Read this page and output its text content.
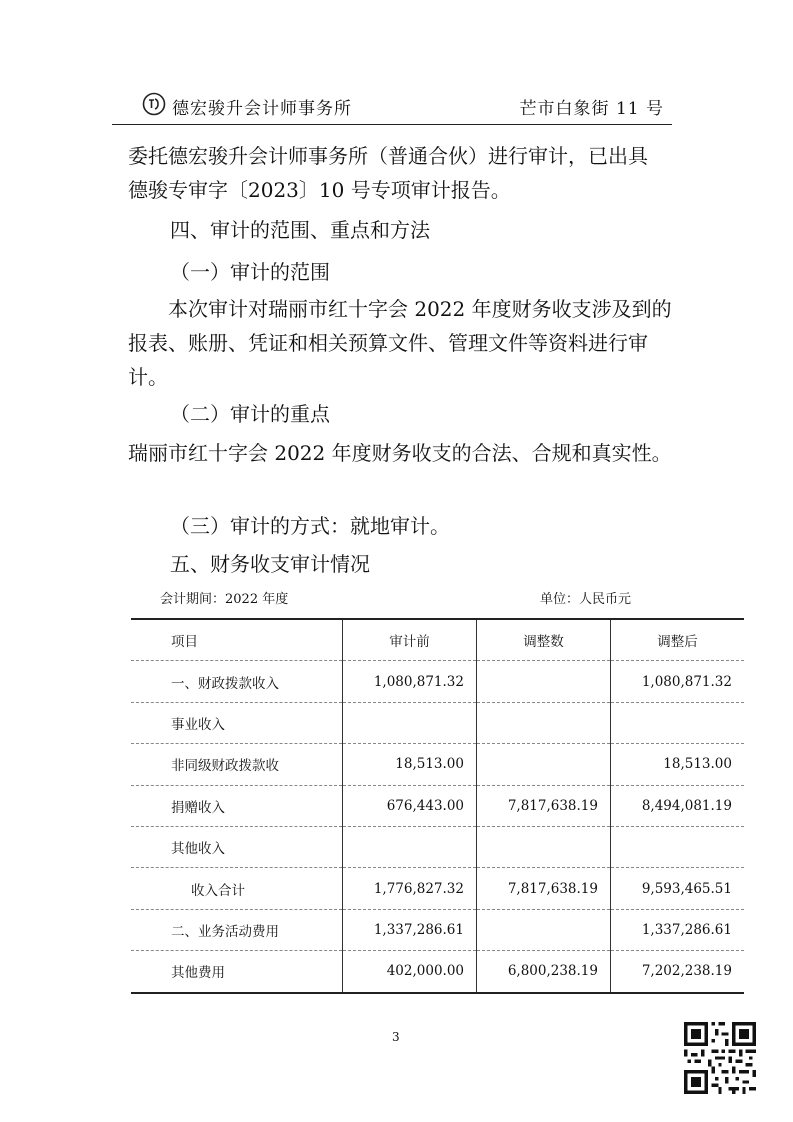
德宏骏升会计师事务所	芒市白象街 11 号
委托德宏骏升会计师事务所（普通合伙）进行审计，已出具
德骏专审字〔2023〕10 号专项审计报告。
四、审计的范围、重点和方法
（一）审计的范围

本次审计对瑞丽市红十字会 2022 年度财务收支涉及到的报表、账册、凭证和相关预算文件、管理文件等资料进行审计。

（二）审计的重点

瑞丽市红十字会 2022 年度财务收支的合法、合规和真实性。

（三）审计的方式：就地审计。
五、财务收支审计情况
会计期间：2022 年度	单位：人民币元
项目	审计前	调整数	调整后
一、财政拨款收入	1,080,871.32		1,080,871.32
事业收入			
非同级财政拨款收	18,513.00		18,513.00
捐赠收入	676,443.00	7,817,638.19	8,494,081.19
其他收入			
收入合计	1,776,827.32	7,817,638.19	9,593,465.51
二、业务活动费用	1,337,286.61		1,337,286.61
其他费用	402,000.00	6,800,238.19	7,202,238.19
3
